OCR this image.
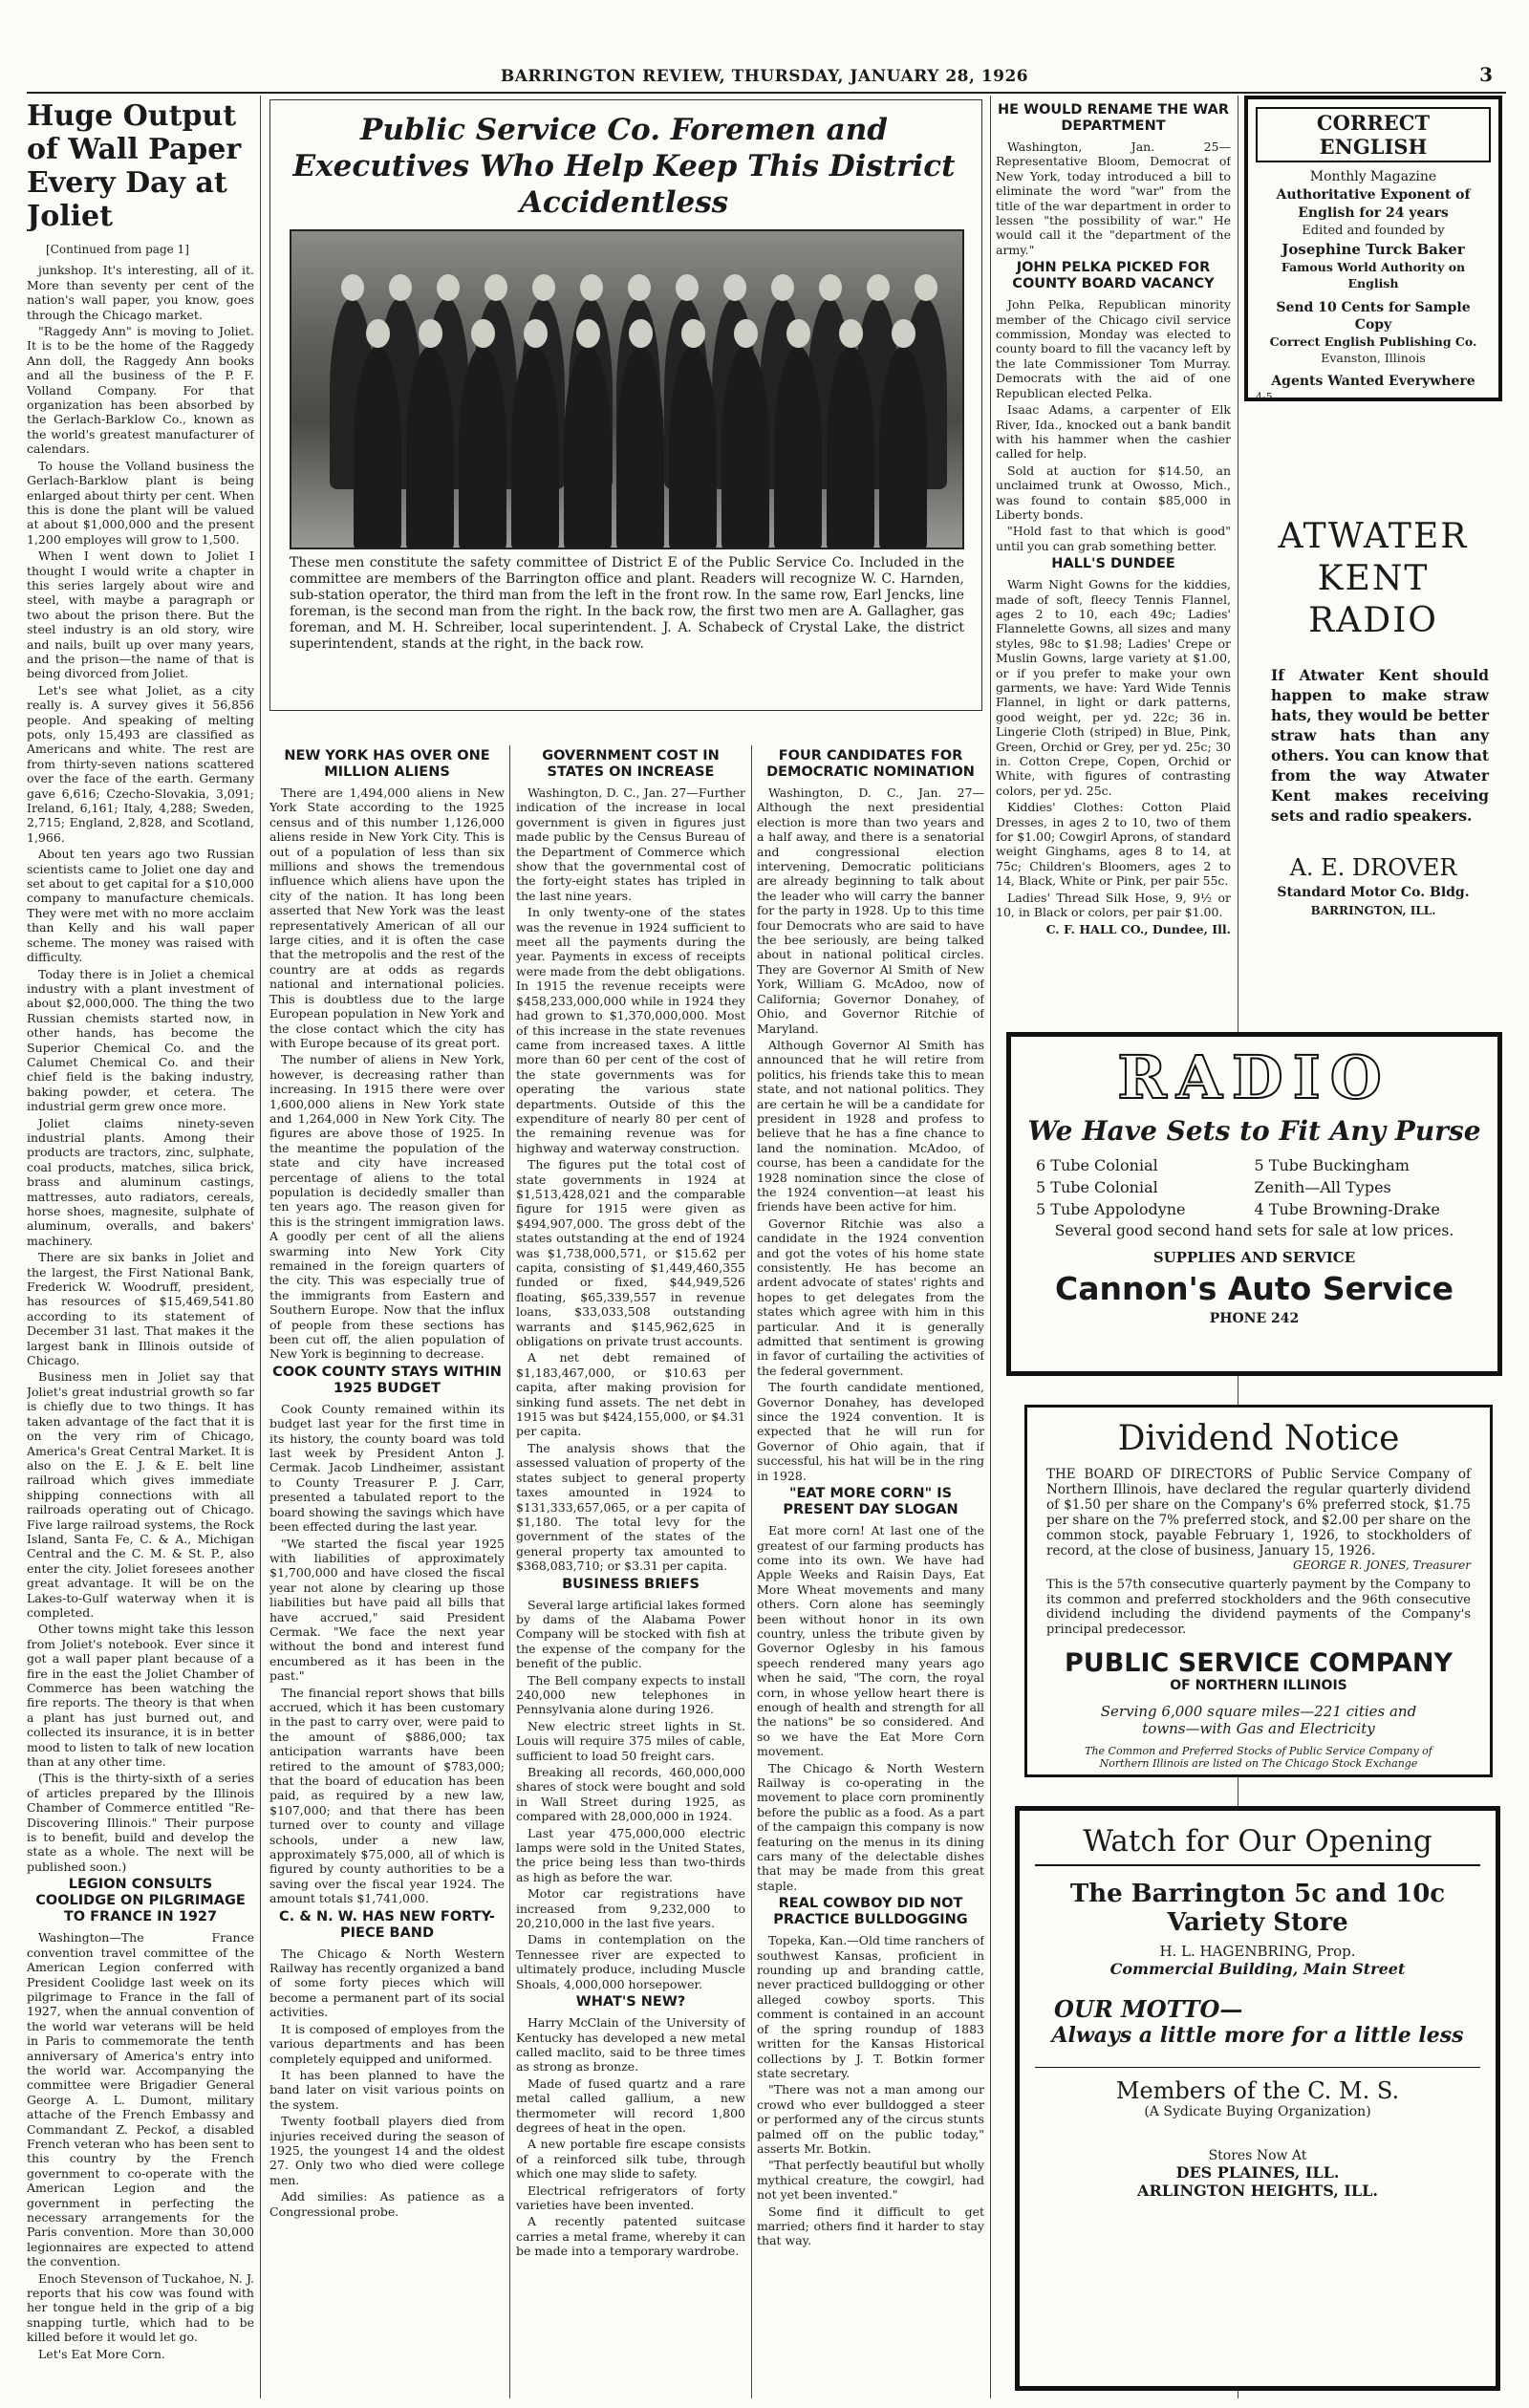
BARRINGTON REVIEW, THURSDAY, JANUARY 28, 1926	3
Huge Output of Wall Paper Every Day at Joliet
[Continued from page 1]

junkshop. It's interesting, all of it. More than seventy per cent of the nation's wall paper, you know, goes through the Chicago market.

"Raggedy Ann" is moving to Joliet. It is to be the home of the Raggedy Ann doll, the Raggedy Ann books and all the business of the P. F. Volland Company. For that organization has been absorbed by the Gerlach-Barklow Co., known as the world's greatest manufacturer of calendars.

To house the Volland business the Gerlach-Barklow plant is being enlarged about thirty per cent. When this is done the plant will be valued at about $1,000,000 and the present 1,200 employes will grow to 1,500.

When I went down to Joliet I thought I would write a chapter in this series largely about wire and steel, with maybe a paragraph or two about the prison there. But the steel industry is an old story, wire and nails, built up over many years, and the prison—the name of that is being divorced from Joliet.

Let's see what Joliet, as a city really is. A survey gives it 56,856 people. And speaking of melting pots, only 15,493 are classified as Americans and white. The rest are from thirty-seven nations scattered over the face of the earth. Germany gave 6,616; Czecho-Slovakia, 3,091; Ireland, 6,161; Italy, 4,288; Sweden, 2,715; England, 2,828, and Scotland, 1,966.

About ten years ago two Russian scientists came to Joliet one day and set about to get capital for a $10,000 company to manufacture chemicals. They were met with no more acclaim than Kelly and his wall paper scheme. The money was raised with difficulty.

Today there is in Joliet a chemical industry with a plant investment of about $2,000,000. The thing the two Russian chemists started now, in other hands, has become the Superior Chemical Co. and the Calumet Chemical Co. and their chief field is the baking industry, baking powder, et cetera. The industrial germ grew once more.

Joliet claims ninety-seven industrial plants. Among their products are tractors, zinc, sulphate, coal products, matches, silica brick, brass and aluminum castings, mattresses, auto radiators, cereals, horse shoes, magnesite, sulphate of aluminum, overalls, and bakers' machinery.

There are six banks in Joliet and the largest, the First National Bank, Frederick W. Woodruff, president, has resources of $15,469,541.80 according to its statement of December 31 last. That makes it the largest bank in Illinois outside of Chicago.

Business men in Joliet say that Joliet's great industrial growth so far is chiefly due to two things. It has taken advantage of the fact that it is on the very rim of Chicago, America's Great Central Market. It is also on the E. J. & E. belt line railroad which gives immediate shipping connections with all railroads operating out of Chicago. Five large railroad systems, the Rock Island, Santa Fe, C. & A., Michigan Central and the C. M. & St. P., also enter the city. Joliet foresees another great advantage. It will be on the Lakes-to-Gulf waterway when it is completed.

Other towns might take this lesson from Joliet's notebook. Ever since it got a wall paper plant because of a fire in the east the Joliet Chamber of Commerce has been watching the fire reports. The theory is that when a plant has just burned out, and collected its insurance, it is in better mood to listen to talk of new location than at any other time.

(This is the thirty-sixth of a series of articles prepared by the Illinois Chamber of Commerce entitled "Re-Discovering Illinois." Their purpose is to benefit, build and develop the state as a whole. The next will be published soon.)

LEGION CONSULTS COOLIDGE ON PILGRIMAGE TO FRANCE IN 1927

Washington—The France convention travel committee of the American Legion conferred with President Coolidge last week on its pilgrimage to France in the fall of 1927, when the annual convention of the world war veterans will be held in Paris to commemorate the tenth anniversary of America's entry into the world war. Accompanying the committee were Brigadier General George A. L. Dumont, military attache of the French Embassy and Commandant Z. Peckof, a disabled French veteran who has been sent to this country by the French government to co-operate with the American Legion and the government in perfecting the necessary arrangements for the Paris convention. More than 30,000 legionnaires are expected to attend the convention.

Enoch Stevenson of Tuckahoe, N. J. reports that his cow was found with her tongue held in the grip of a big snapping turtle, which had to be killed before it would let go.

Let's Eat More Corn.

Public Service Co. Foremen and Executives Who Help Keep This District Accidentless
These men constitute the safety committee of District E of the Public Service Co. Included in the committee are members of the Barrington office and plant. Readers will recognize W. C. Harnden, sub-station operator, the third man from the left in the front row. In the same row, Earl Jencks, line foreman, is the second man from the right. In the back row, the first two men are A. Gallagher, gas foreman, and M. H. Schreiber, local superintendent. J. A. Schabeck of Crystal Lake, the district superintendent, stands at the right, in the back row.
NEW YORK HAS OVER ONE MILLION ALIENS

There are 1,494,000 aliens in New York State according to the 1925 census and of this number 1,126,000 aliens reside in New York City. This is out of a population of less than six millions and shows the tremendous influence which aliens have upon the city of the nation. It has long been asserted that New York was the least representatively American of all our large cities, and it is often the case that the metropolis and the rest of the country are at odds as regards national and international policies. This is doubtless due to the large European population in New York and the close contact which the city has with Europe because of its great port.

The number of aliens in New York, however, is decreasing rather than increasing. In 1915 there were over 1,600,000 aliens in New York state and 1,264,000 in New York City. The figures are above those of 1925. In the meantime the population of the state and city have increased percentage of aliens to the total population is decidedly smaller than ten years ago. The reason given for this is the stringent immigration laws. A goodly per cent of all the aliens swarming into New York City remained in the foreign quarters of the city. This was especially true of the immigrants from Eastern and Southern Europe. Now that the influx of people from these sections has been cut off, the alien population of New York is beginning to decrease.

COOK COUNTY STAYS WITHIN 1925 BUDGET

Cook County remained within its budget last year for the first time in its history, the county board was told last week by President Anton J. Cermak. Jacob Lindheimer, assistant to County Treasurer P. J. Carr, presented a tabulated report to the board showing the savings which have been effected during the last year.

"We started the fiscal year 1925 with liabilities of approximately $1,700,000 and have closed the fiscal year not alone by clearing up those liabilities but have paid all bills that have accrued," said President Cermak. "We face the next year without the bond and interest fund encumbered as it has been in the past."

The financial report shows that bills accrued, which it has been customary in the past to carry over, were paid to the amount of $886,000; tax anticipation warrants have been retired to the amount of $783,000; that the board of education has been paid, as required by a new law, $107,000; and that there has been turned over to county and village schools, under a new law, approximately $75,000, all of which is figured by county authorities to be a saving over the fiscal year 1924. The amount totals $1,741,000.

C. & N. W. HAS NEW FORTY-PIECE BAND

The Chicago & North Western Railway has recently organized a band of some forty pieces which will become a permanent part of its social activities.

It is composed of employes from the various departments and has been completely equipped and uniformed.

It has been planned to have the band later on visit various points on the system.

Twenty football players died from injuries received during the season of 1925, the youngest 14 and the oldest 27. Only two who died were college men.

Add similies: As patience as a Congressional probe.

GOVERNMENT COST IN STATES ON INCREASE

Washington, D. C., Jan. 27—Further indication of the increase in local government is given in figures just made public by the Census Bureau of the Department of Commerce which show that the governmental cost of the forty-eight states has tripled in the last nine years.

In only twenty-one of the states was the revenue in 1924 sufficient to meet all the payments during the year. Payments in excess of receipts were made from the debt obligations. In 1915 the revenue receipts were $458,233,000,000 while in 1924 they had grown to $1,370,000,000. Most of this increase in the state revenues came from increased taxes. A little more than 60 per cent of the cost of the state governments was for operating the various state departments. Outside of this the expenditure of nearly 80 per cent of the remaining revenue was for highway and waterway construction.

The figures put the total cost of state governments in 1924 at $1,513,428,021 and the comparable figure for 1915 were given as $494,907,000. The gross debt of the states outstanding at the end of 1924 was $1,738,000,571, or $15.62 per capita, consisting of $1,449,460,355 funded or fixed, $44,949,526 floating, $65,339,557 in revenue loans, $33,033,508 outstanding warrants and $145,962,625 in obligations on private trust accounts.

A net debt remained of $1,183,467,000, or $10.63 per capita, after making provision for sinking fund assets. The net debt in 1915 was but $424,155,000, or $4.31 per capita.

The analysis shows that the assessed valuation of property of the states subject to general property taxes amounted in 1924 to $131,333,657,065, or a per capita of $1,180. The total levy for the government of the states of the general property tax amounted to $368,083,710; or $3.31 per capita.

BUSINESS BRIEFS

Several large artificial lakes formed by dams of the Alabama Power Company will be stocked with fish at the expense of the company for the benefit of the public.

The Bell company expects to install 240,000 new telephones in Pennsylvania alone during 1926.

New electric street lights in St. Louis will require 375 miles of cable, sufficient to load 50 freight cars.

Breaking all records, 460,000,000 shares of stock were bought and sold in Wall Street during 1925, as compared with 28,000,000 in 1924.

Last year 475,000,000 electric lamps were sold in the United States, the price being less than two-thirds as high as before the war.

Motor car registrations have increased from 9,232,000 to 20,210,000 in the last five years.

Dams in contemplation on the Tennessee river are expected to ultimately produce, including Muscle Shoals, 4,000,000 horsepower.

WHAT'S NEW?

Harry McClain of the University of Kentucky has developed a new metal called maclito, said to be three times as strong as bronze.

Made of fused quartz and a rare metal called gallium, a new thermometer will record 1,800 degrees of heat in the open.

A new portable fire escape consists of a reinforced silk tube, through which one may slide to safety.

Electrical refrigerators of forty varieties have been invented.

A recently patented suitcase carries a metal frame, whereby it can be made into a temporary wardrobe.

FOUR CANDIDATES FOR DEMOCRATIC NOMINATION

Washington, D. C., Jan. 27—Although the next presidential election is more than two years and a half away, and there is a senatorial and congressional election intervening, Democratic politicians are already beginning to talk about the leader who will carry the banner for the party in 1928. Up to this time four Democrats who are said to have the bee seriously, are being talked about in national political circles. They are Governor Al Smith of New York, William G. McAdoo, now of California; Governor Donahey, of Ohio, and Governor Ritchie of Maryland.

Although Governor Al Smith has announced that he will retire from politics, his friends take this to mean state, and not national politics. They are certain he will be a candidate for president in 1928 and profess to believe that he has a fine chance to land the nomination. McAdoo, of course, has been a candidate for the 1928 nomination since the close of the 1924 convention—at least his friends have been active for him.

Governor Ritchie was also a candidate in the 1924 convention and got the votes of his home state consistently. He has become an ardent advocate of states' rights and hopes to get delegates from the states which agree with him in this particular. And it is generally admitted that sentiment is growing in favor of curtailing the activities of the federal government.

The fourth candidate mentioned, Governor Donahey, has developed since the 1924 convention. It is expected that he will run for Governor of Ohio again, that if successful, his hat will be in the ring in 1928.

"EAT MORE CORN" IS PRESENT DAY SLOGAN

Eat more corn! At last one of the greatest of our farming products has come into its own. We have had Apple Weeks and Raisin Days, Eat More Wheat movements and many others. Corn alone has seemingly been without honor in its own country, unless the tribute given by Governor Oglesby in his famous speech rendered many years ago when he said, "The corn, the royal corn, in whose yellow heart there is enough of health and strength for all the nations" be so considered. And so we have the Eat More Corn movement.

The Chicago & North Western Railway is co-operating in the movement to place corn prominently before the public as a food. As a part of the campaign this company is now featuring on the menus in its dining cars many of the delectable dishes that may be made from this great staple.

REAL COWBOY DID NOT PRACTICE BULLDOGGING

Topeka, Kan.—Old time ranchers of southwest Kansas, proficient in rounding up and branding cattle, never practiced bulldogging or other alleged cowboy sports. This comment is contained in an account of the spring roundup of 1883 written for the Kansas Historical collections by J. T. Botkin former state secretary.

"There was not a man among our crowd who ever bulldogged a steer or performed any of the circus stunts palmed off on the public today," asserts Mr. Botkin.

"That perfectly beautiful but wholly mythical creature, the cowgirl, had not yet been invented."

Some find it difficult to get married; others find it harder to stay that way.

HE WOULD RENAME THE WAR DEPARTMENT

Washington, Jan. 25—Representative Bloom, Democrat of New York, today introduced a bill to eliminate the word "war" from the title of the war department in order to lessen "the possibility of war." He would call it the "department of the army."

JOHN PELKA PICKED FOR COUNTY BOARD VACANCY

John Pelka, Republican minority member of the Chicago civil service commission, Monday was elected to county board to fill the vacancy left by the late Commissioner Tom Murray. Democrats with the aid of one Republican elected Pelka.

Isaac Adams, a carpenter of Elk River, Ida., knocked out a bank bandit with his hammer when the cashier called for help.

Sold at auction for $14.50, an unclaimed trunk at Owosso, Mich., was found to contain $85,000 in Liberty bonds.

"Hold fast to that which is good" until you can grab something better.

HALL'S DUNDEE

Warm Night Gowns for the kiddies, made of soft, fleecy Tennis Flannel, ages 2 to 10, each 49c; Ladies' Flannelette Gowns, all sizes and many styles, 98c to $1.98; Ladies' Crepe or Muslin Gowns, large variety at $1.00, or if you prefer to make your own garments, we have: Yard Wide Tennis Flannel, in light or dark patterns, good weight, per yd. 22c; 36 in. Lingerie Cloth (striped) in Blue, Pink, Green, Orchid or Grey, per yd. 25c; 30 in. Cotton Crepe, Copen, Orchid or White, with figures of contrasting colors, per yd. 25c.

Kiddies' Clothes: Cotton Plaid Dresses, in ages 2 to 10, two of them for $1.00; Cowgirl Aprons, of standard weight Ginghams, ages 8 to 14, at 75c; Children's Bloomers, ages 2 to 14, Black, White or Pink, per pair 55c.

Ladies' Thread Silk Hose, 9, 9½ or 10, in Black or colors, per pair $1.00.

C. F. HALL CO., Dundee, Ill.
CORRECT ENGLISH
Monthly Magazine
Authoritative Exponent of English for 24 years
Edited and founded by
Josephine Turck Baker
Famous World Authority on English
Send 10 Cents for Sample Copy
Correct English Publishing Co.
Evanston, Illinois
Agents Wanted Everywhere
4-5
ATWATER KENT RADIO
If Atwater Kent should happen to make straw hats, they would be better straw hats than any others. You can know that from the way Atwater Kent makes receiving sets and radio speakers.
A. E. DROVER
Standard Motor Co. Bldg.
BARRINGTON, ILL.
RADIO
We Have Sets to Fit Any Purse
6 Tube Colonial
5 Tube Colonial
5 Tube Appolodyne
5 Tube Buckingham
Zenith—All Types
4 Tube Browning-Drake
Several good second hand sets for sale at low prices.
SUPPLIES AND SERVICE
Cannon's Auto Service
PHONE 242
Dividend Notice
THE BOARD OF DIRECTORS of Public Service Company of Northern Illinois, have declared the regular quarterly dividend of $1.50 per share on the Company's 6% preferred stock, $1.75 per share on the 7% preferred stock, and $2.00 per share on the common stock, payable February 1, 1926, to stockholders of record, at the close of business, January 15, 1926.
GEORGE R. JONES, Treasurer
This is the 57th consecutive quarterly payment by the Company to its common and preferred stockholders and the 96th consecutive dividend including the dividend payments of the Company's principal predecessor.
PUBLIC SERVICE COMPANY
OF NORTHERN ILLINOIS
Serving 6,000 square miles—221 cities and
towns—with Gas and Electricity
The Common and Preferred Stocks of Public Service Company of Northern Illinois are listed on The Chicago Stock Exchange
Watch for Our Opening
The Barrington 5c and 10c
Variety Store
H. L. HAGENBRING, Prop.
Commercial Building, Main Street
OUR MOTTO—
Always a little more for a little less
Members of the C. M. S.
(A Sydicate Buying Organization)
Stores Now At
DES PLAINES, ILL.
ARLINGTON HEIGHTS, ILL.
